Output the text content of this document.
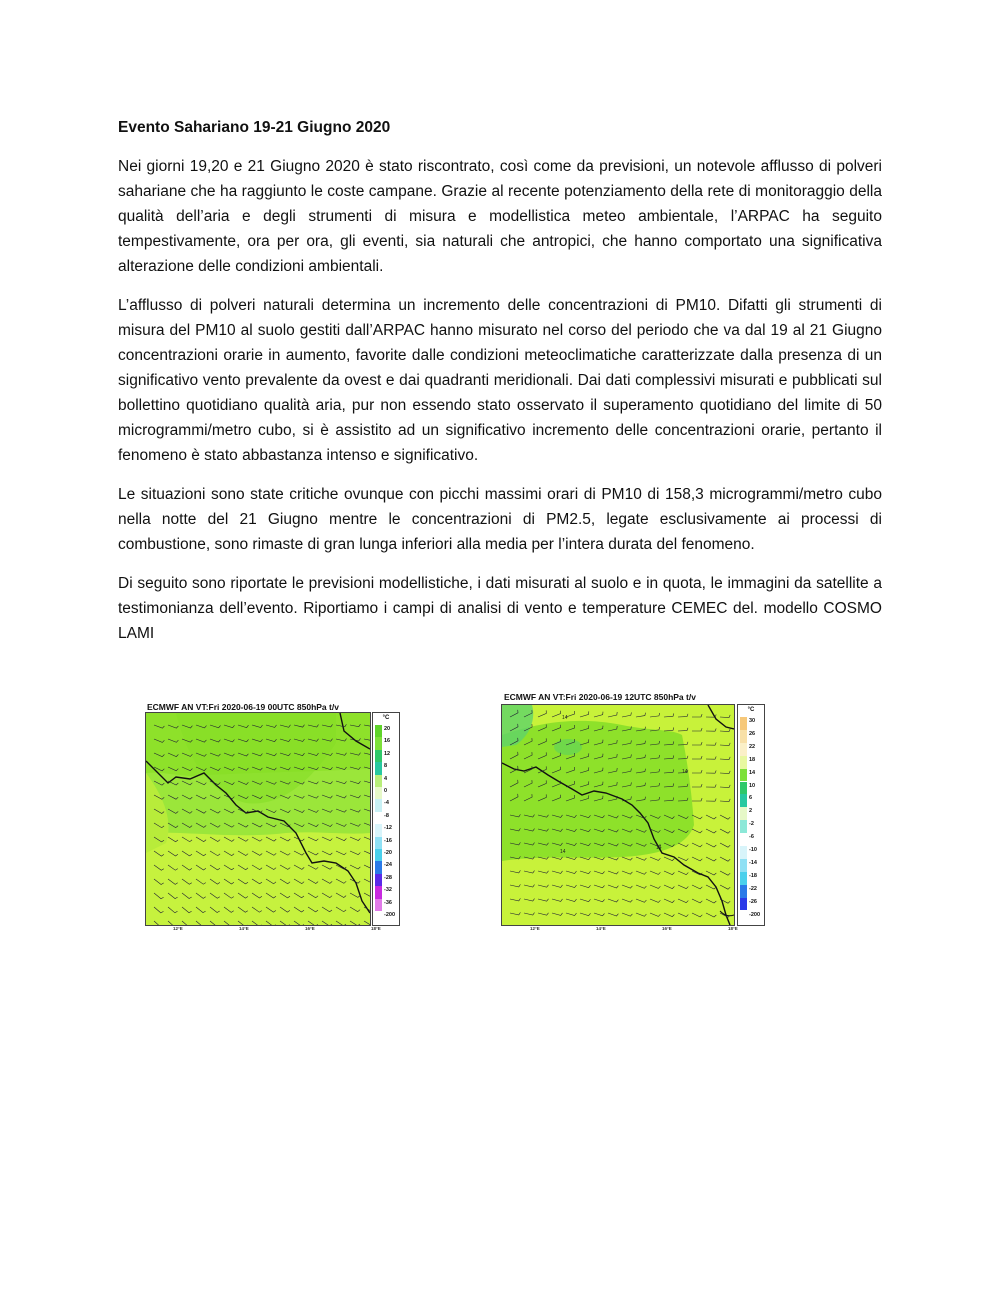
Evento Sahariano 19-21 Giugno 2020

Nei giorni 19,20 e 21 Giugno 2020 è stato riscontrato, così come da previsioni, un notevole afflusso di polveri sahariane che ha raggiunto le coste campane. Grazie al recente potenziamento della rete di monitoraggio della qualità dell’aria e degli strumenti di misura e modellistica meteo ambientale, l’ARPAC ha seguito tempestivamente, ora per ora, gli eventi, sia naturali che antropici, che hanno comportato una significativa alterazione delle condizioni ambientali.

L’afflusso di polveri naturali determina un incremento delle concentrazioni di PM10. Difatti gli strumenti di misura del PM10 al suolo gestiti dall’ARPAC hanno misurato nel corso del periodo che va dal 19 al 21 Giugno concentrazioni orarie in aumento, favorite dalle condizioni meteoclimatiche caratterizzate dalla presenza di un significativo vento prevalente da ovest e dai quadranti meridionali. Dai dati complessivi misurati e pubblicati sul bollettino quotidiano qualità aria, pur non essendo stato osservato il superamento quotidiano del limite di 50 microgrammi/metro cubo, si è assistito ad un significativo incremento delle concentrazioni orarie, pertanto il fenomeno è stato abbastanza intenso e significativo.

Le situazioni sono state critiche ovunque con picchi massimi orari di PM10 di 158,3 microgrammi/metro cubo nella notte del 21 Giugno mentre le concentrazioni di PM2.5, legate esclusivamente ai processi di combustione, sono rimaste di gran lunga inferiori alla media per l’intera durata del fenomeno.

Di seguito sono riportate le previsioni modellistiche, i dati misurati al suolo e in quota, le immagini da satellite a testimonianza dell’evento. Riportiamo i campi di analisi di vento e temperature CEMEC del. modello COSMO LAMI

ECMWF AN VT:Fri 2020-06-19 00UTC 850hPa t/v
°C
20
16
12
8
4
0
-4
-8
-12
-16
-20
-24
-28
-32
-36
-200
12°E	14°E	16°E	18°E
ECMWF AN VT:Fri 2020-06-19 12UTC 850hPa t/v
14
14
14
14
°C
30
26
22
18
14
10
6
2
-2
-6
-10
-14
-18
-22
-26
-200
12°E	14°E	16°E	18°E
